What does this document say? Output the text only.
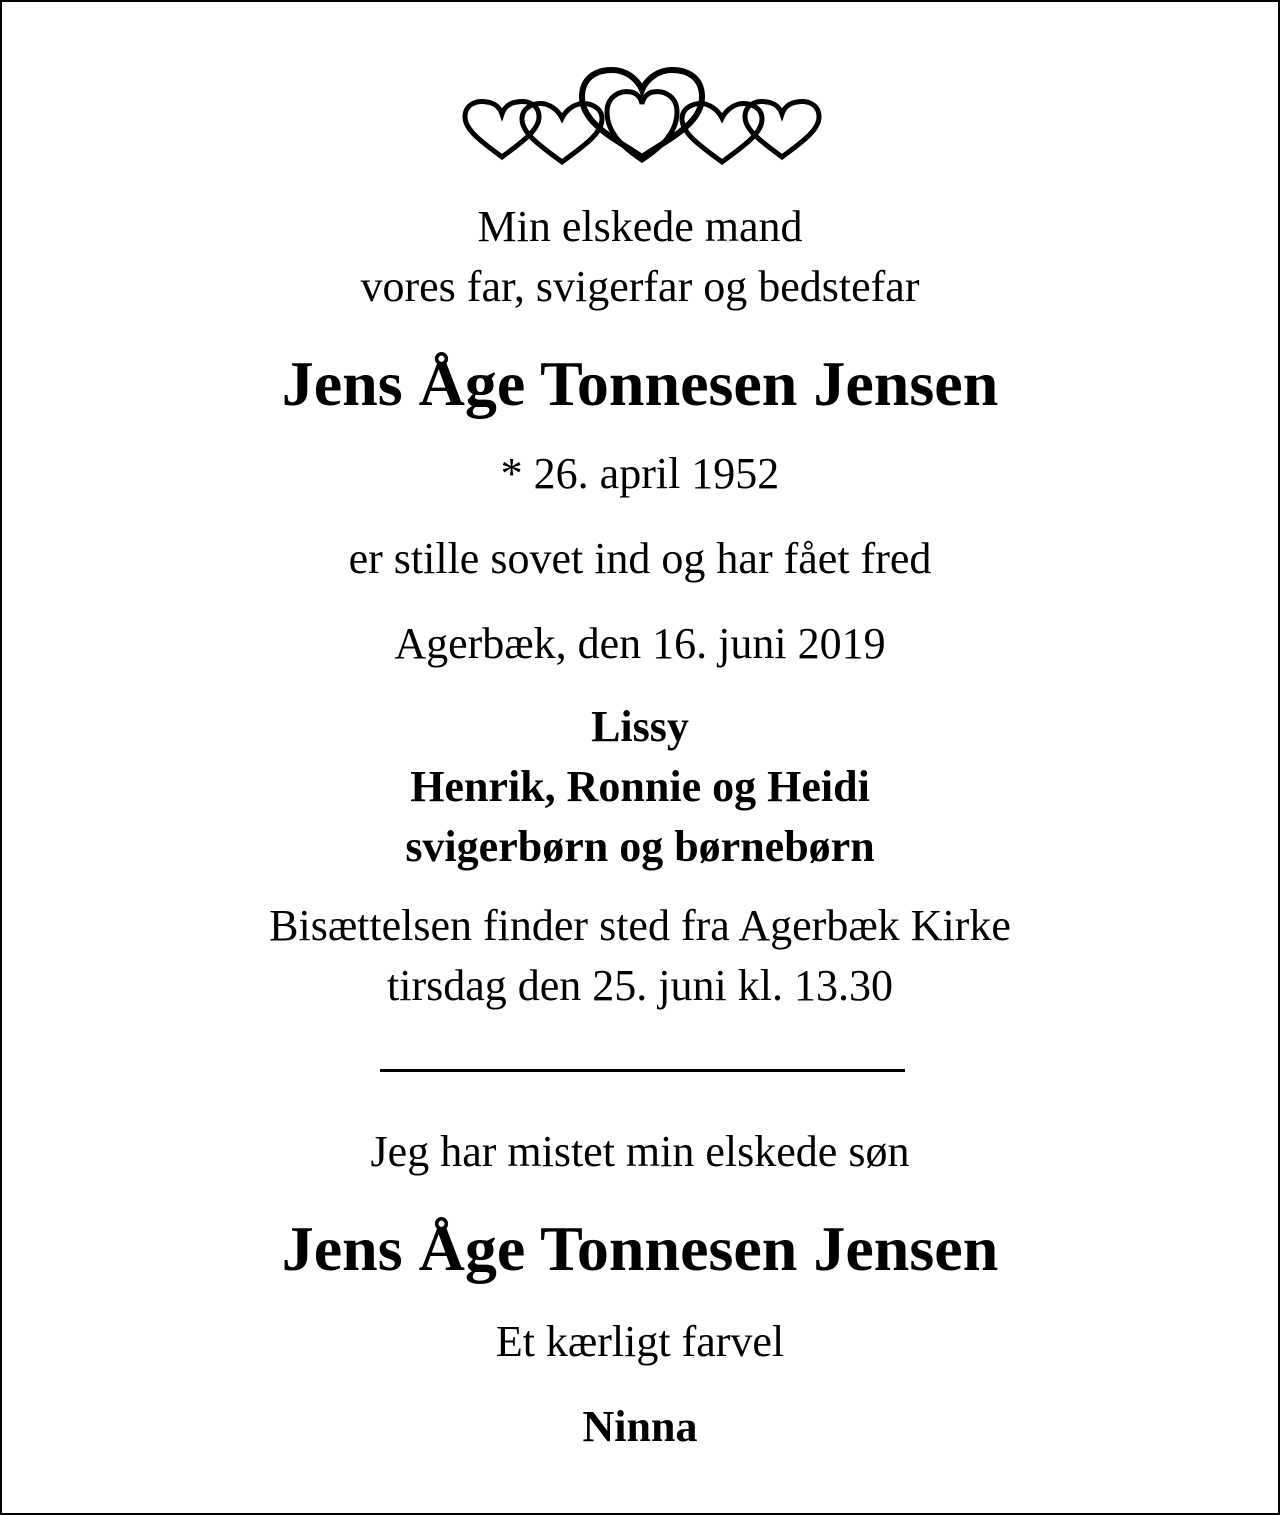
Min elskede mand
vores far, svigerfar og bedstefar
Jens Åge Tonnesen Jensen
* 26. april 1952
er stille sovet ind og har fået fred
Agerbæk, den 16. juni 2019
Lissy
Henrik, Ronnie og Heidi
svigerbørn og børnebørn
Bisættelsen finder sted fra Agerbæk Kirke
tirsdag den 25. juni kl. 13.30
Jeg har mistet min elskede søn
Jens Åge Tonnesen Jensen
Et kærligt farvel
Ninna
